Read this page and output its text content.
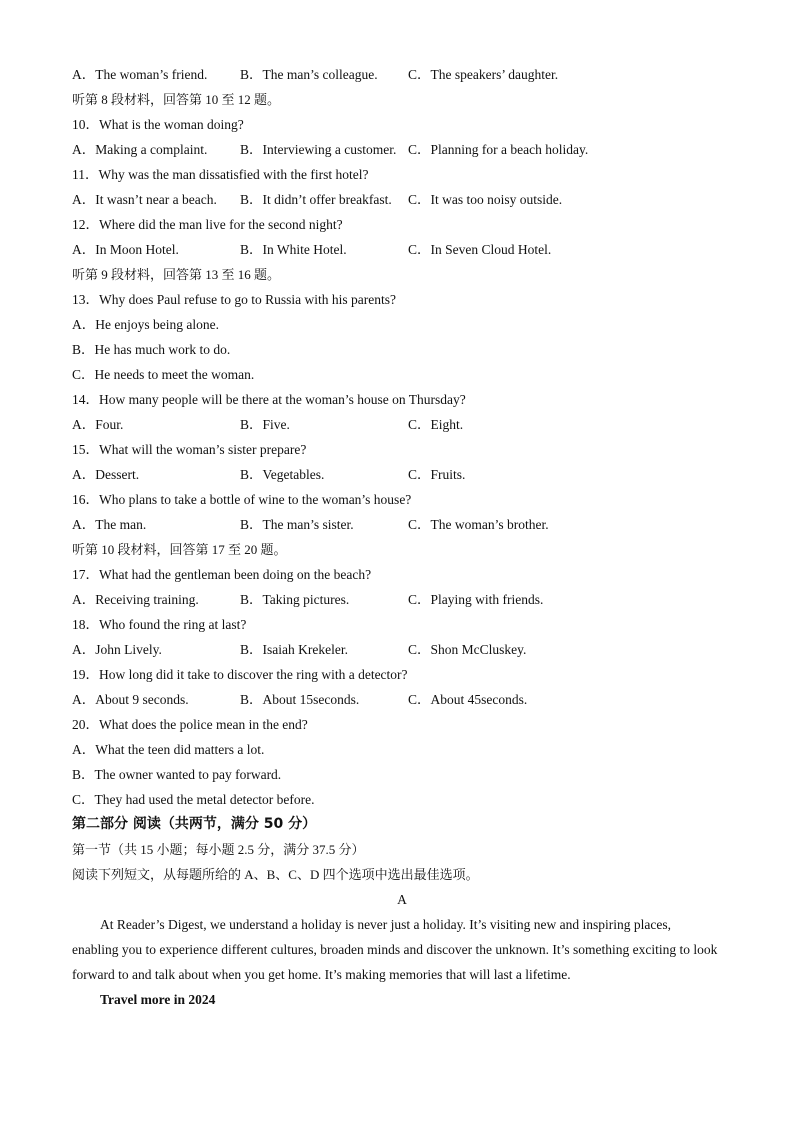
A．The woman’s friend.	B．The man’s colleague.	C．The speakers’ daughter.
听第 8 段材料，回答第 10 至 12 题。
10．What is the woman doing?
A．Making a complaint.	B．Interviewing a customer. C．Planning for a beach holiday.
11．Why was the man dissatisfied with the first hotel?
A．It wasn’t near a beach.	B．It didn’t offer breakfast.	C．It was too noisy outside.
12．Where did the man live for the second night?
A．In Moon Hotel.	B．In White Hotel.	C．In Seven Cloud Hotel.
听第 9 段材料，回答第 13 至 16 题。
13．Why does Paul refuse to go to Russia with his parents?
A．He enjoys being alone.
B．He has much work to do.
C．He needs to meet the woman.
14．How many people will be there at the woman’s house on Thursday?
A．Four.	B．Five.	C．Eight.
15．What will the woman’s sister prepare?
A．Dessert.	B．Vegetables.	C．Fruits.
16．Who plans to take a bottle of wine to the woman’s house?
A．The man.	B．The man’s sister.	C．The woman’s brother.
听第 10 段材料，回答第 17 至 20 题。
17．What had the gentleman been doing on the beach?
A．Receiving training.	B．Taking pictures.	C．Playing with friends.
18．Who found the ring at last?
A．John Lively.	B．Isaiah Krekeler.	C．Shon McCluskey.
19．How long did it take to discover the ring with a detector?
A．About 9 seconds.	B．About 15seconds.	C．About 45seconds.
20．What does the police mean in the end?
A．What the teen did matters a lot.
B．The owner wanted to pay forward.
C．They had used the metal detector before.
第二部分 阅读（共两节，满分 50 分）
第一节（共 15 小题；每小题 2.5 分，满分 37.5 分）
阅读下列短文，从每题所给的 A、B、C、D 四个选项中选出最佳选项。
A
At Reader’s Digest, we understand a holiday is never just a holiday. It’s visiting new and inspiring places, enabling you to experience different cultures, broaden minds and discover the unknown. It’s something exciting to look forward to and talk about when you get home. It’s making memories that will last a lifetime.
Travel more in 2024
